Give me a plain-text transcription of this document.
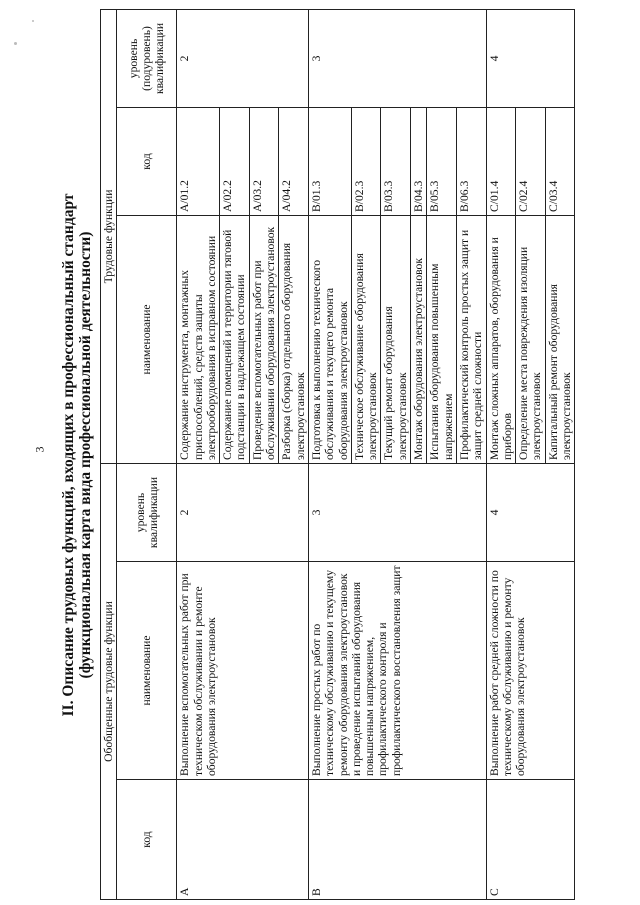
3 II. Описание трудовых функций, входящих в профессиональный стандарт (функциональная карта вида профессиональной деятельности)
Обобщенные трудовые функции			Трудовые функции		
код	наименование	уровень квалификации	наименование	код	уровень (подуровень) квалификации
A	Выполнение вспомогательных работ при техническом обслуживании и ремонте оборудования электроустановок	2	Содержание инструмента, монтажных приспособлений, средств защиты электрооборудования в исправном состоянии	A/01.2	2
			Содержание помещений и территории тяговой подстанции в надлежащем состоянии	A/02.2	
			Проведение вспомогательных работ при обслуживании оборудования электроустановок	A/03.2	
			Разборка (сборка) отдельного оборудования электроустановок	A/04.2	
B	Выполнение простых работ по техническому обслуживанию и текущему ремонту оборудования электроустановок и проведение испытаний оборудования повышенным напряжением, профилактического контроля и профилактического восстановления защит	3	Подготовка к выполнению технического обслуживания и текущего ремонта оборудования электроустановок	B/01.3	3
			Техническое обслуживание оборудования электроустановок	B/02.3	
			Текущий ремонт оборудования электроустановок	B/03.3	
			Монтаж оборудования электроустановок	B/04.3	
			Испытания оборудования повышенным напряжением	B/05.3	
			Профилактический контроль простых защит и защит средней сложности	B/06.3	
C	Выполнение работ средней сложности по техническому обслуживанию и ремонту оборудования электроустановок	4	Монтаж сложных аппаратов, оборудования и приборов	C/01.4	4
			Определение места повреждения изоляции электроустановок	C/02.4	
			Капитальный ремонт оборудования электроустановок	C/03.4	
